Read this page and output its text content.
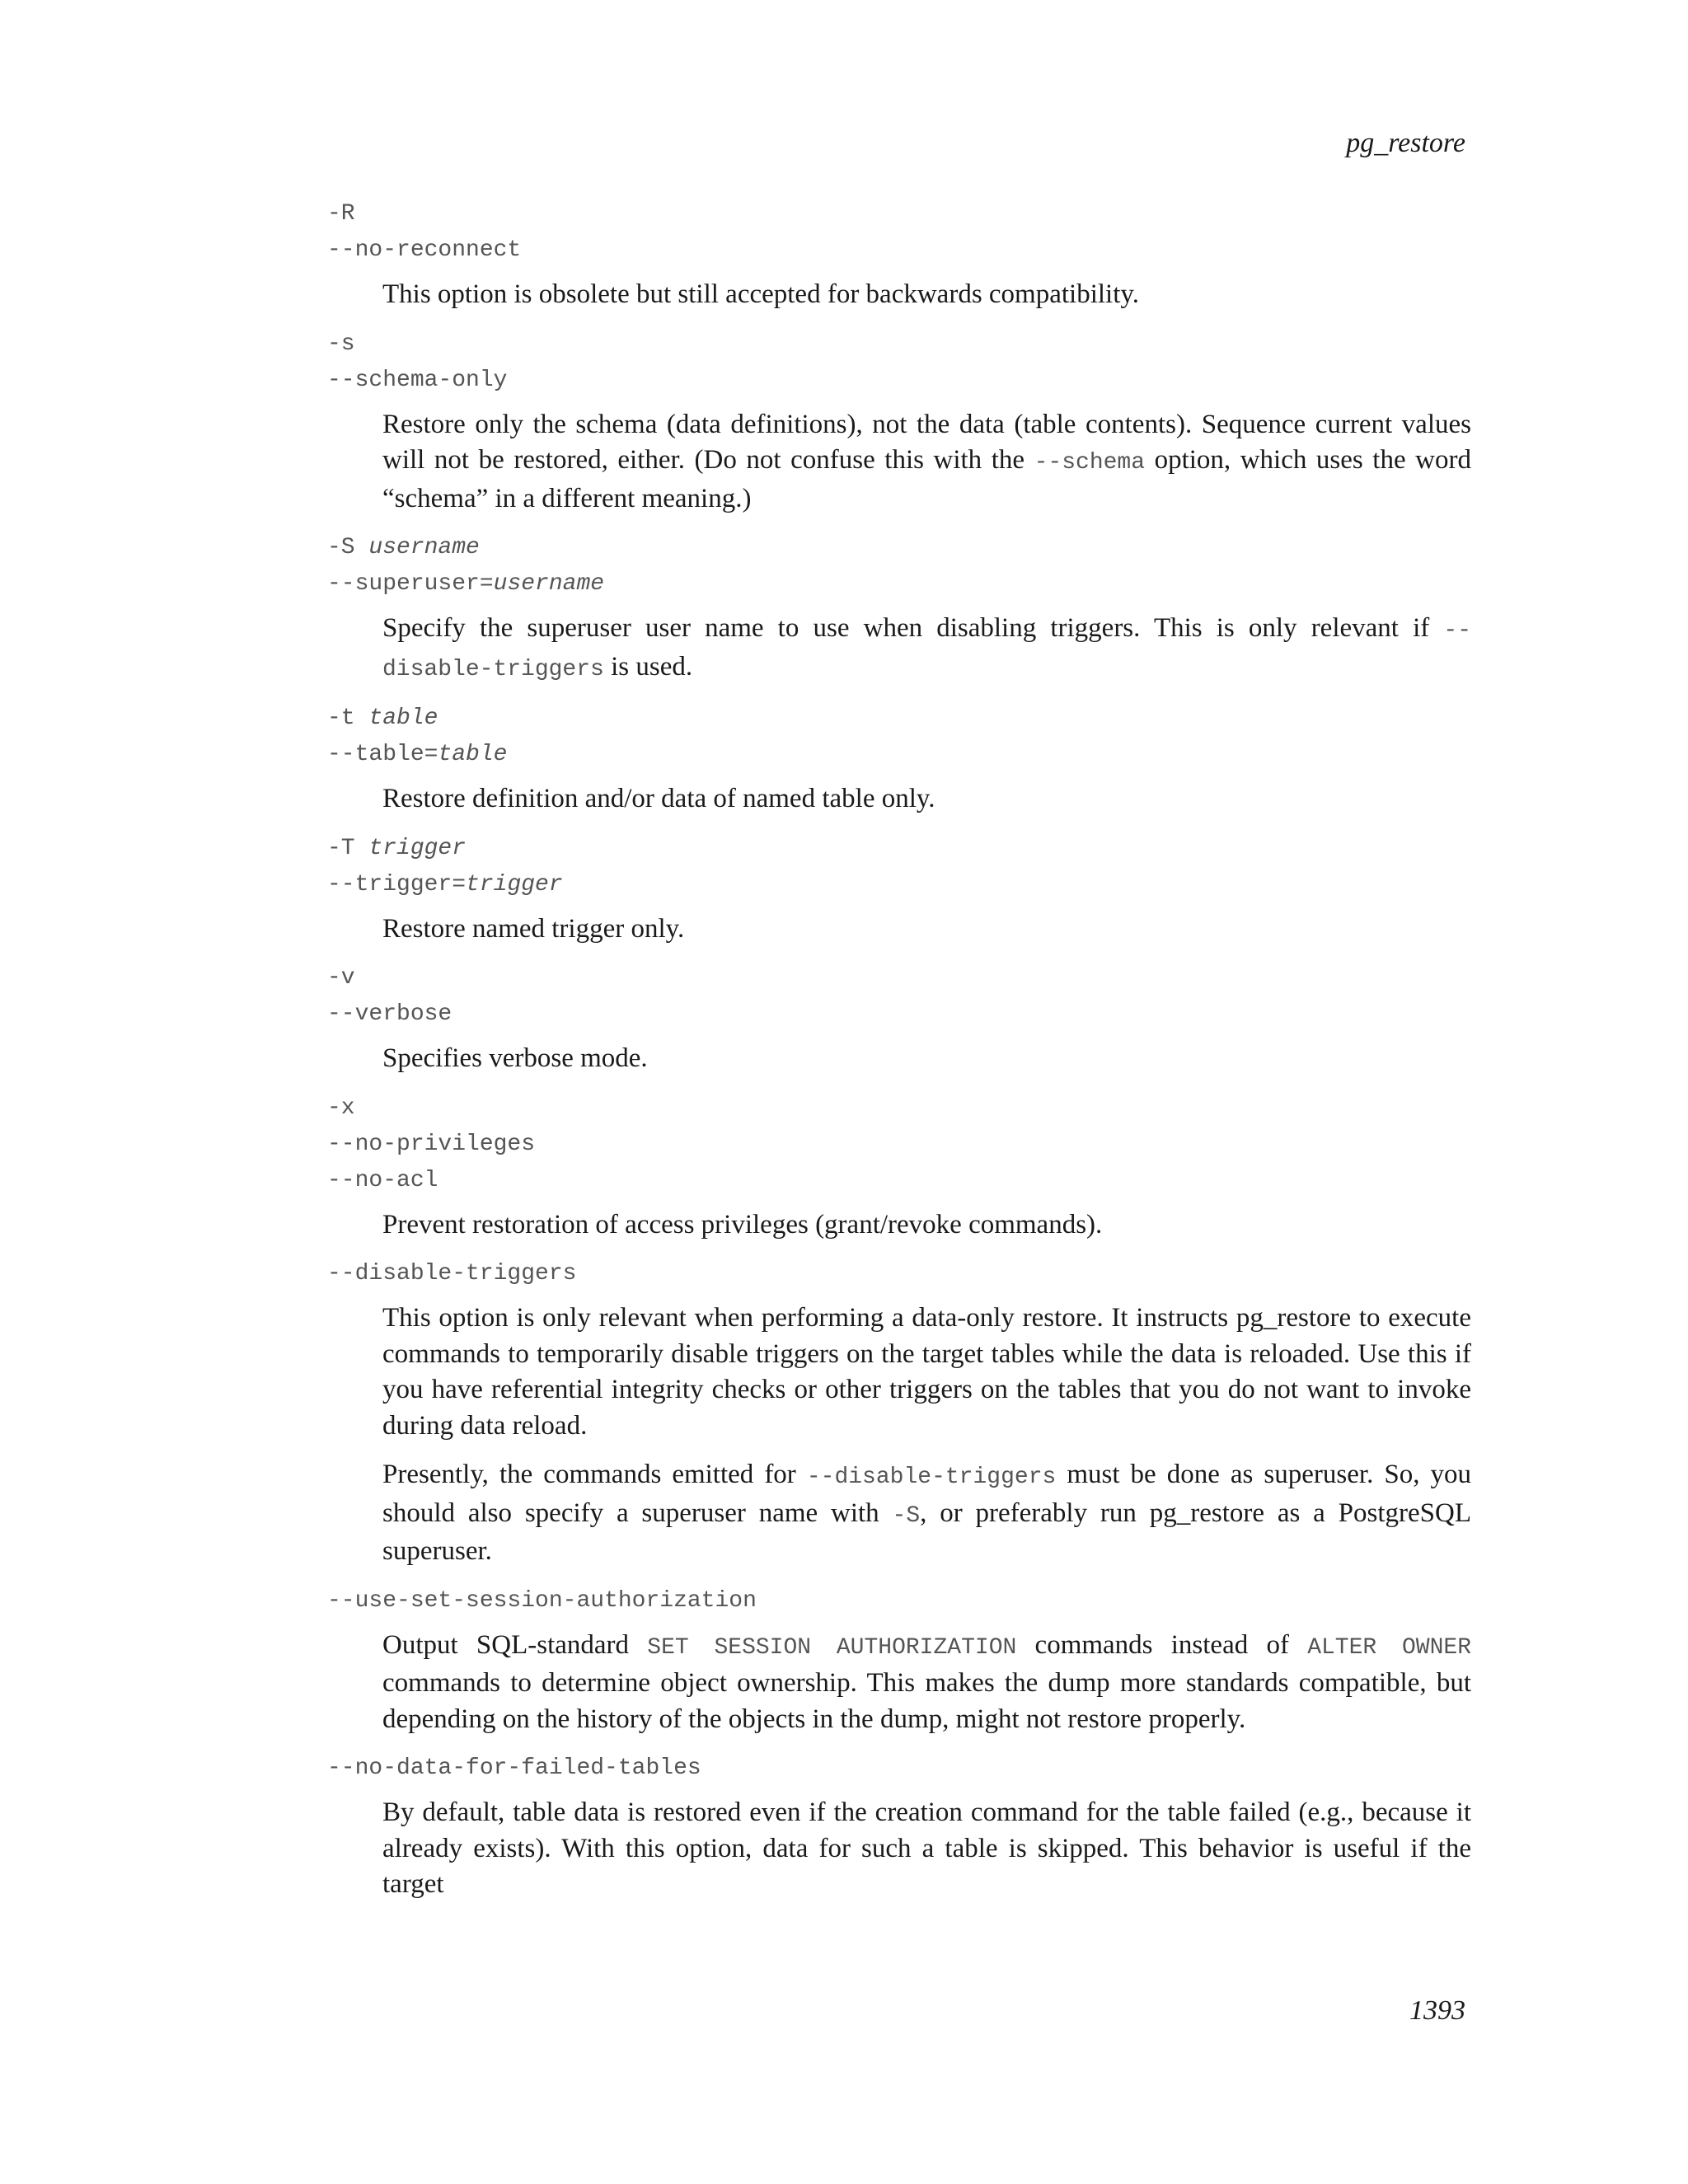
pg_restore
-R
--no-reconnect

This option is obsolete but still accepted for backwards compatibility.

-s
--schema-only

Restore only the schema (data definitions), not the data (table contents). Sequence current values will not be restored, either. (Do not confuse this with the --schema option, which uses the word “schema” in a different meaning.)

-S username
--superuser=username

Specify the superuser user name to use when disabling triggers. This is only relevant if --disable-triggers is used.

-t table
--table=table

Restore definition and/or data of named table only.

-T trigger
--trigger=trigger

Restore named trigger only.

-v
--verbose

Specifies verbose mode.

-x
--no-privileges
--no-acl

Prevent restoration of access privileges (grant/revoke commands).

--disable-triggers

This option is only relevant when performing a data-only restore. It instructs pg_restore to execute commands to temporarily disable triggers on the target tables while the data is reloaded. Use this if you have referential integrity checks or other triggers on the tables that you do not want to invoke during data reload.

Presently, the commands emitted for --disable-triggers must be done as superuser. So, you should also specify a superuser name with -S, or preferably run pg_restore as a PostgreSQL superuser.

--use-set-session-authorization

Output SQL-standard SET SESSION AUTHORIZATION commands instead of ALTER OWNER commands to determine object ownership. This makes the dump more standards compatible, but depending on the history of the objects in the dump, might not restore properly.

--no-data-for-failed-tables

By default, table data is restored even if the creation command for the table failed (e.g., because it already exists). With this option, data for such a table is skipped. This behavior is useful if the target

1393
